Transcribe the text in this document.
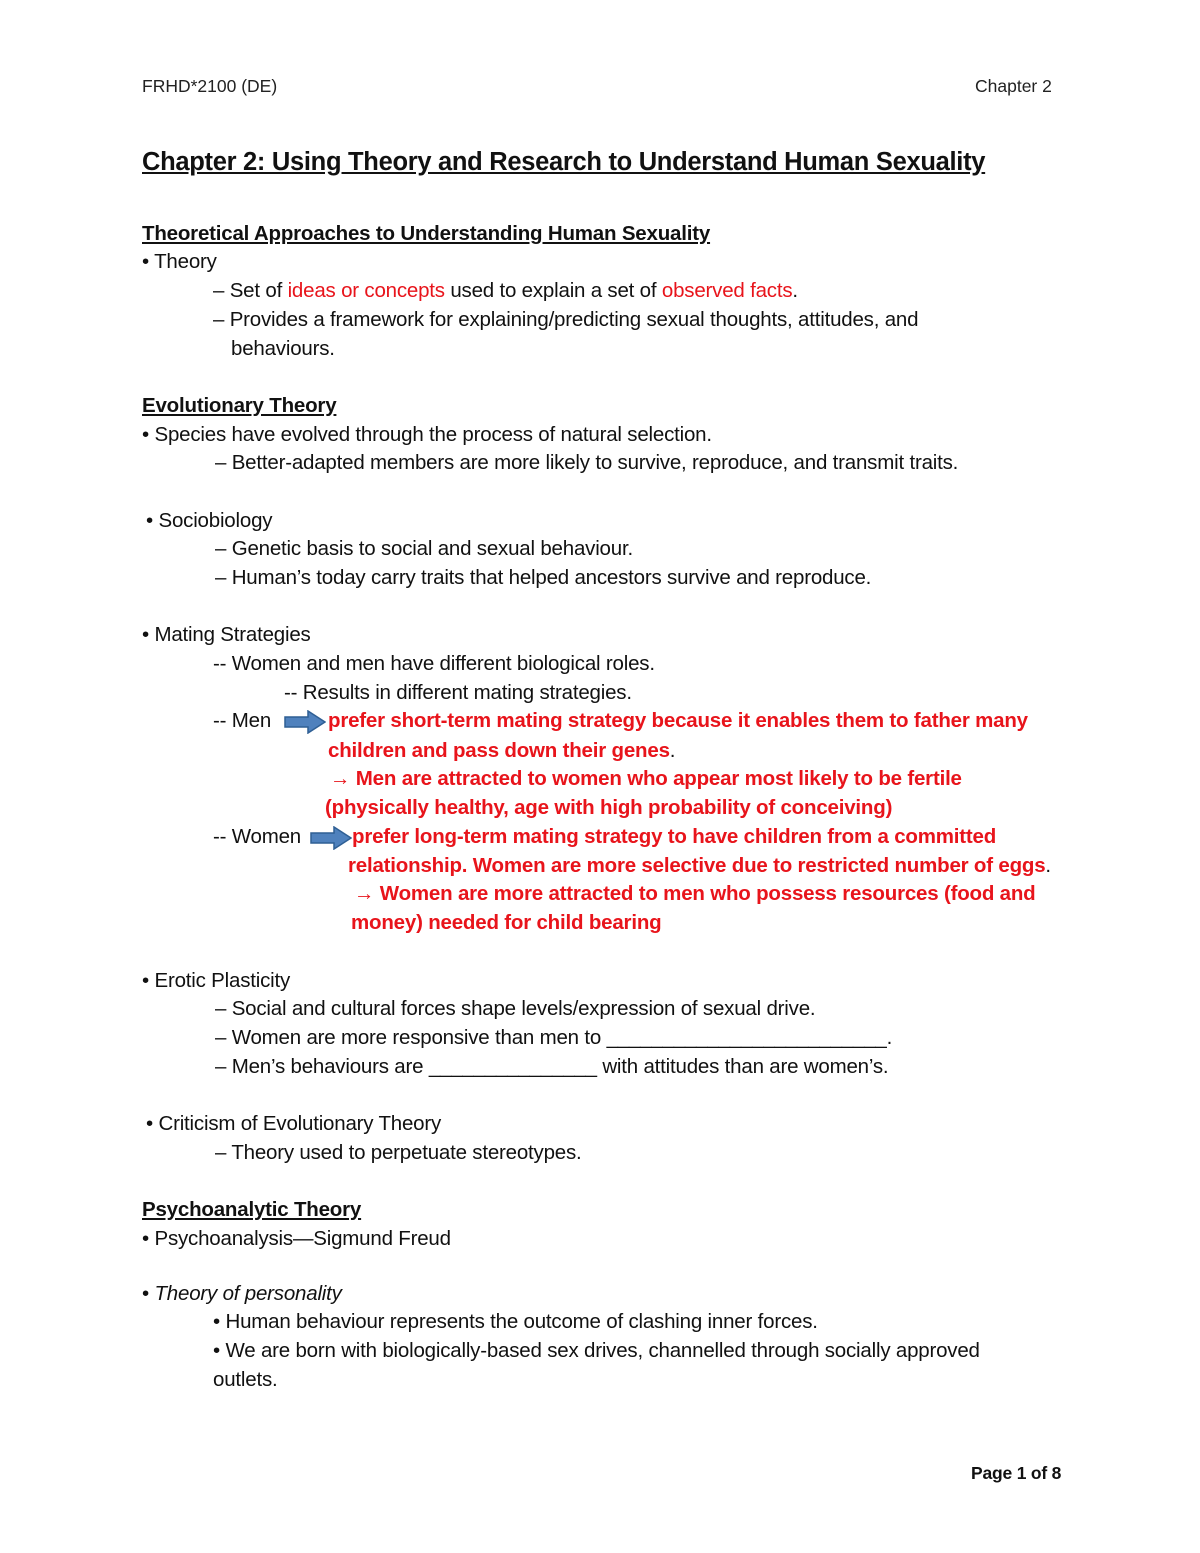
FRHD*2100 (DE)	Chapter 2
Chapter 2: Using Theory and Research to Understand Human Sexuality
Theoretical Approaches to Understanding Human Sexuality
• Theory
– Set of ideas or concepts used to explain a set of observed facts.
– Provides a framework for explaining/predicting sexual thoughts, attitudes, and
behaviours.
Evolutionary Theory
• Species have evolved through the process of natural selection.
– Better-adapted members are more likely to survive, reproduce, and transmit traits.
• Sociobiology
– Genetic basis to social and sexual behaviour.
– Human’s today carry traits that helped ancestors survive and reproduce.
• Mating Strategies
-- Women and men have different biological roles.
-- Results in different mating strategies.
-- Men	prefer short-term mating strategy because it enables them to father many
children and pass down their genes.
→ Men are attracted to women who appear most likely to be fertile
(physically healthy, age with high probability of conceiving)
-- Women prefer long-term mating strategy to have children from a committed
relationship. Women are more selective due to restricted number of eggs.
→ Women are more attracted to men who possess resources (food and
money) needed for child bearing
• Erotic Plasticity
– Social and cultural forces shape levels/expression of sexual drive.
– Women are more responsive than men to _________________________.
– Men’s behaviours are _______________ with attitudes than are women’s.
• Criticism of Evolutionary Theory
– Theory used to perpetuate stereotypes.
Psychoanalytic Theory
• Psychoanalysis—Sigmund Freud
• Theory of personality
• Human behaviour represents the outcome of clashing inner forces.
• We are born with biologically-based sex drives, channelled through socially approved
outlets.
Page 1 of 8
